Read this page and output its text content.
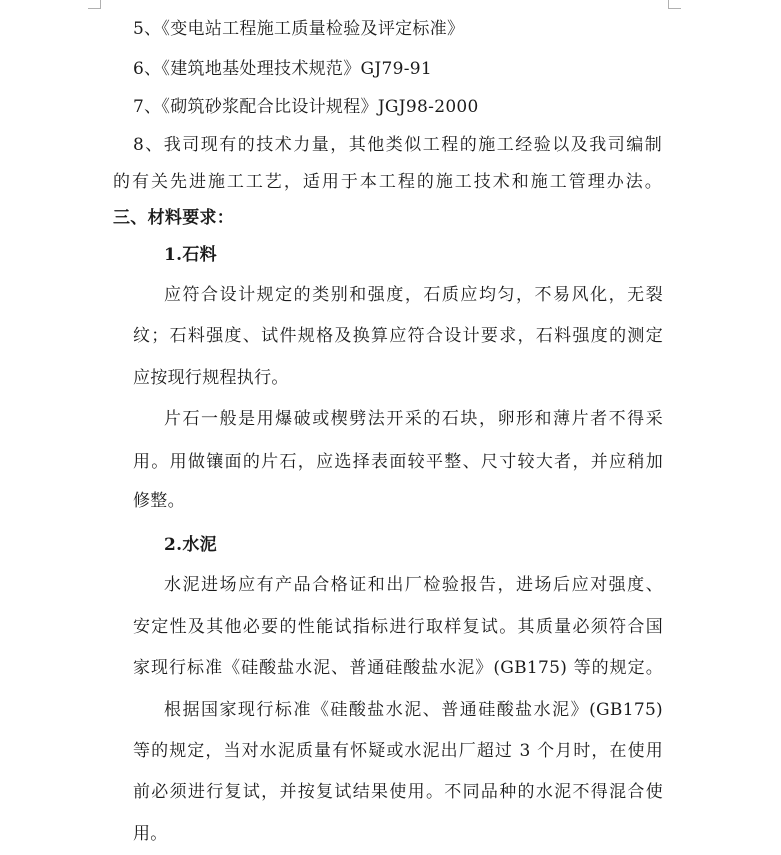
5、《变电站工程施工质量检验及评定标准》
6、《建筑地基处理技术规范》GJ79-91
7、《砌筑砂浆配合比设计规程》JGJ98-2000
8、我司现有的技术力量，其他类似工程的施工经验以及我司编制
的有关先进施工工艺，适用于本工程的施工技术和施工管理办法。
三、材料要求：
1.石料
应符合设计规定的类别和强度，石质应均匀，不易风化，无裂
纹；石料强度、试件规格及换算应符合设计要求，石料强度的测定
应按现行规程执行。
片石一般是用爆破或楔劈法开采的石块，卵形和薄片者不得采
用。用做镶面的片石，应选择表面较平整、尺寸较大者，并应稍加
修整。
2.水泥
水泥进场应有产品合格证和出厂检验报告，进场后应对强度、
安定性及其他必要的性能试指标进行取样复试。其质量必须符合国
家现行标准《硅酸盐水泥、普通硅酸盐水泥》(GB175) 等的规定。
根据国家现行标准《硅酸盐水泥、普通硅酸盐水泥》(GB175)
等的规定，当对水泥质量有怀疑或水泥出厂超过 3 个月时，在使用
前必须进行复试，并按复试结果使用。不同品种的水泥不得混合使
用。
